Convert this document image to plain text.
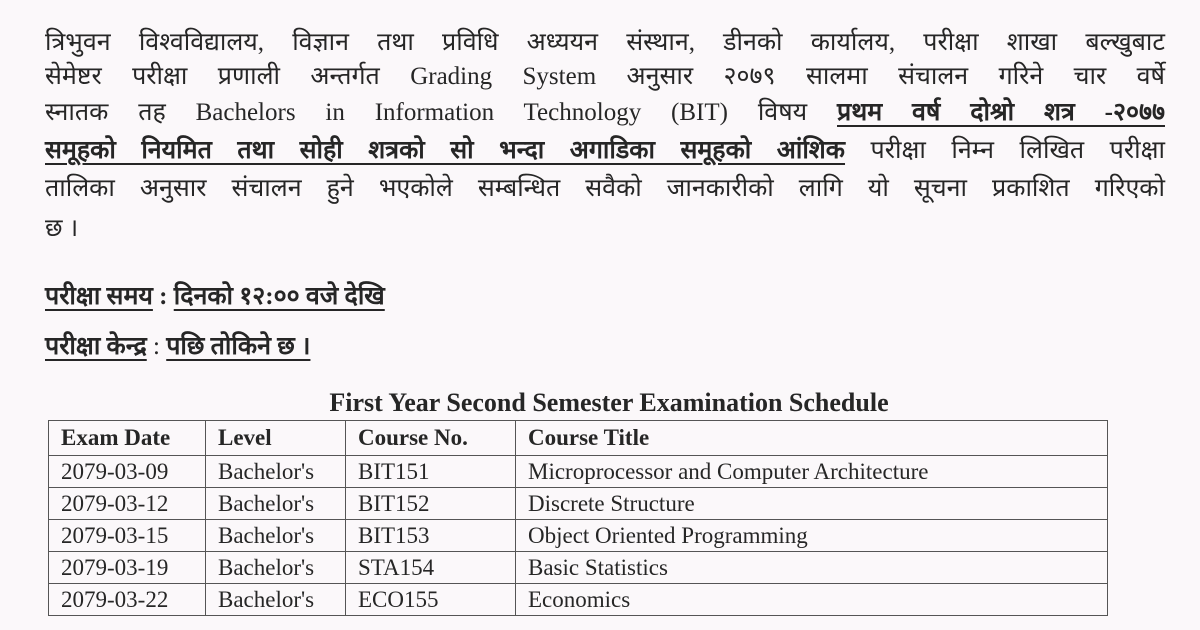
त्रिभुवन विश्वविद्यालय, विज्ञान तथा प्रविधि अध्ययन संस्थान, डीनको कार्यालय, परीक्षा शाखा बल्खुबाट
सेमेष्टर परीक्षा प्रणाली अन्तर्गत Grading System अनुसार २०७९ सालमा संचालन गरिने चार वर्षे
स्नातक तह Bachelors in Information Technology (BIT) विषय प्रथम वर्ष दोश्रो शत्र -२०७७
समूहको नियमित तथा सोही शत्रको सो भन्दा अगाडिका समूहको आंशिक परीक्षा निम्न लिखित परीक्षा
तालिका अनुसार संचालन हुने भएकोले सम्बन्धित सवैको जानकारीको लागि यो सूचना प्रकाशित गरिएको
छ ।
परीक्षा समय : दिनको १२:०० वजे देखि
परीक्षा केन्द्र : पछि तोकिने छ ।
First Year Second Semester Examination Schedule
Exam Date	Level	Course No.	Course Title
2079-03-09	Bachelor's	BIT151	Microprocessor and Computer Architecture
2079-03-12	Bachelor's	BIT152	Discrete Structure
2079-03-15	Bachelor's	BIT153	Object Oriented Programming
2079-03-19	Bachelor's	STA154	Basic Statistics
2079-03-22	Bachelor's	ECO155	Economics
